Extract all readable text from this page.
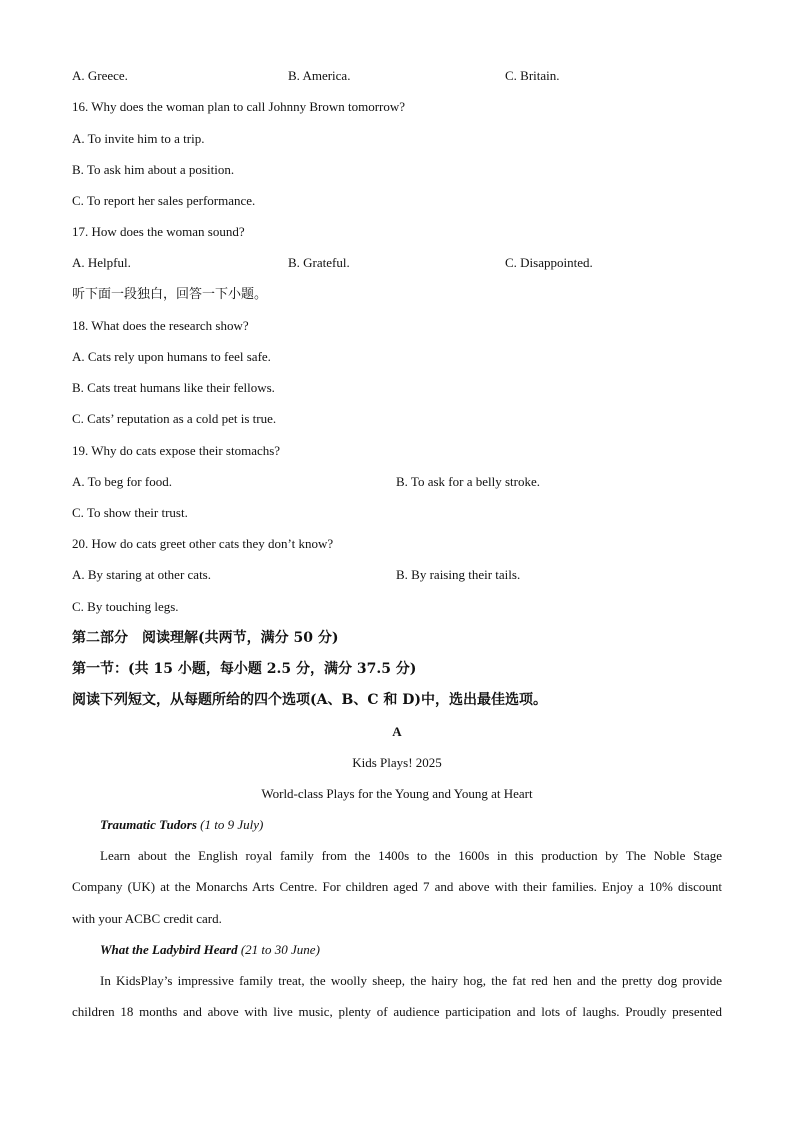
A. Greece.	B. America.	C. Britain.
16. Why does the woman plan to call Johnny Brown tomorrow?
A. To invite him to a trip.
B. To ask him about a position.
C. To report her sales performance.
17. How does the woman sound?
A. Helpful.	B. Grateful.	C. Disappointed.
听下面一段独白，回答一下小题。
18. What does the research show?
A. Cats rely upon humans to feel safe.
B. Cats treat humans like their fellows.
C. Cats’ reputation as a cold pet is true.
19. Why do cats expose their stomachs?
A. To beg for food.	B. To ask for a belly stroke.
C. To show their trust.
20. How do cats greet other cats they don’t know?
A. By staring at other cats.	B. By raising their tails.
C. By touching legs.
第二部分　阅读理解(共两节，满分 50 分)
第一节：(共 15 小题，每小题 2.5 分，满分 37.5 分)
阅读下列短文，从每题所给的四个选项(A、B、C 和 D)中，选出最佳选项。
A
Kids Plays! 2025
World-class Plays for the Young and Young at Heart
Traumatic Tudors (1 to 9 July)
Learn about the English royal family from the 1400s to the 1600s in this production by The Noble Stage
Company (UK) at the Monarchs Arts Centre. For children aged 7 and above with their families. Enjoy a 10% discount
with your ACBC credit card.
What the Ladybird Heard (21 to 30 June)
In KidsPlay’s impressive family treat, the woolly sheep, the hairy hog, the fat red hen and the pretty dog provide
children 18 months and above with live music, plenty of audience participation and lots of laughs. Proudly presented
